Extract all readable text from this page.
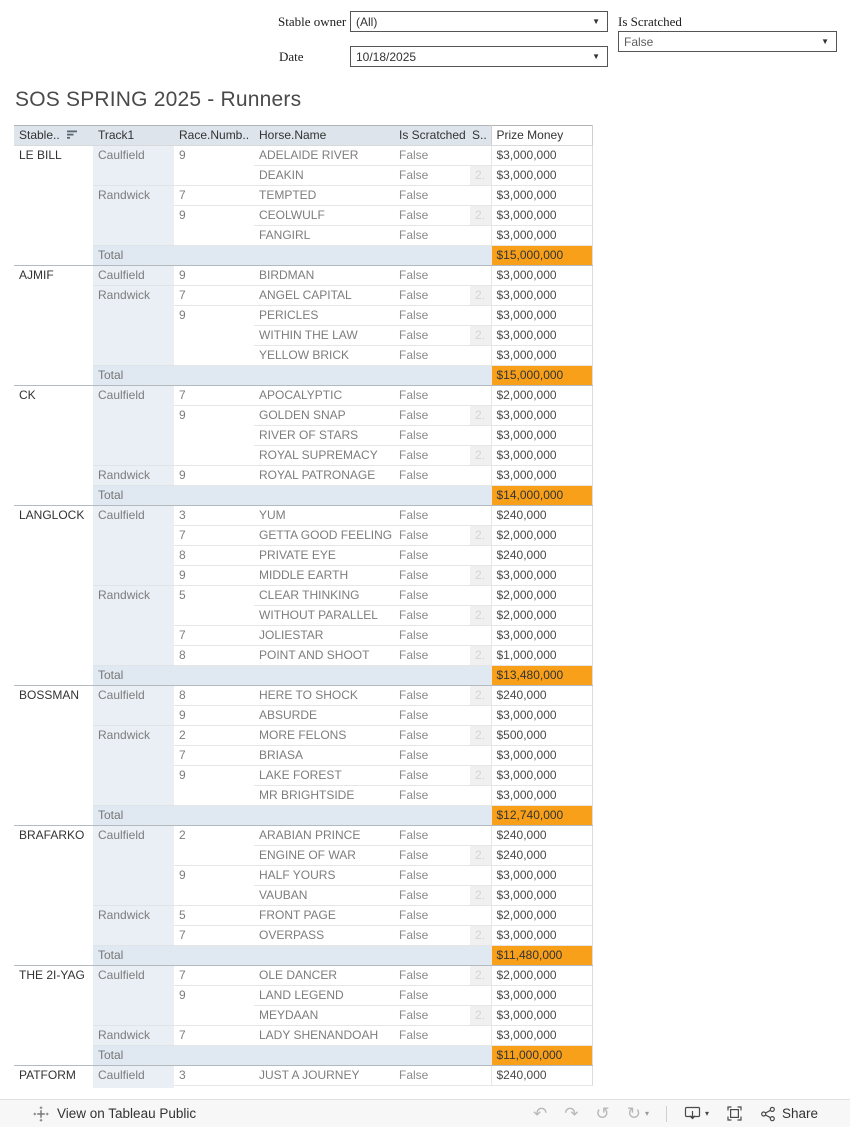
Stable owner (All)	▼ Is Scratched
False	▼
Date	10/18/2025	▼
SOS SPRING 2025 - Runners
Stable..	Track1	Race.Numb..	Horse.Name	Is Scratched	S..	Prize Money
LE BILL	Caulfield	9	ADELAIDE RIVER	False		$3,000,000
			DEAKIN	False	2.	$3,000,000
	Randwick	7	TEMPTED	False		$3,000,000
		9	CEOLWULF	False	2.	$3,000,000
			FANGIRL	False		$3,000,000
	Total					$15,000,000
AJMIF	Caulfield	9	BIRDMAN	False		$3,000,000
	Randwick	7	ANGEL CAPITAL	False	2.	$3,000,000
		9	PERICLES	False		$3,000,000
			WITHIN THE LAW	False	2.	$3,000,000
			YELLOW BRICK	False		$3,000,000
	Total					$15,000,000
CK	Caulfield	7	APOCALYPTIC	False		$2,000,000
		9	GOLDEN SNAP	False	2.	$3,000,000
			RIVER OF STARS	False		$3,000,000
			ROYAL SUPREMACY	False	2.	$3,000,000
	Randwick	9	ROYAL PATRONAGE	False		$3,000,000
	Total					$14,000,000
LANGLOCK	Caulfield	3	YUM	False		$240,000
		7	GETTA GOOD FEELING	False	2.	$2,000,000
		8	PRIVATE EYE	False		$240,000
		9	MIDDLE EARTH	False	2.	$3,000,000
	Randwick	5	CLEAR THINKING	False		$2,000,000
			WITHOUT PARALLEL	False	2.	$2,000,000
		7	JOLIESTAR	False		$3,000,000
		8	POINT AND SHOOT	False	2.	$1,000,000
	Total					$13,480,000
BOSSMAN	Caulfield	8	HERE TO SHOCK	False	2.	$240,000
		9	ABSURDE	False		$3,000,000
	Randwick	2	MORE FELONS	False	2.	$500,000
		7	BRIASA	False		$3,000,000
		9	LAKE FOREST	False	2.	$3,000,000
			MR BRIGHTSIDE	False		$3,000,000
	Total					$12,740,000
BRAFARKO	Caulfield	2	ARABIAN PRINCE	False		$240,000
			ENGINE OF WAR	False	2.	$240,000
		9	HALF YOURS	False		$3,000,000
			VAUBAN	False	2.	$3,000,000
	Randwick	5	FRONT PAGE	False		$2,000,000
		7	OVERPASS	False	2.	$3,000,000
	Total					$11,480,000
THE 2I-YAG	Caulfield	7	OLE DANCER	False	2.	$2,000,000
		9	LAND LEGEND	False		$3,000,000
			MEYDAAN	False	2.	$3,000,000
	Randwick	7	LADY SHENANDOAH	False		$3,000,000
	Total					$11,000,000
PATFORM	Caulfield	3	JUST A JOURNEY	False		$240,000

View on Tableau Public	↶ ↷ ↺ ↻ ▾	▾	Share
